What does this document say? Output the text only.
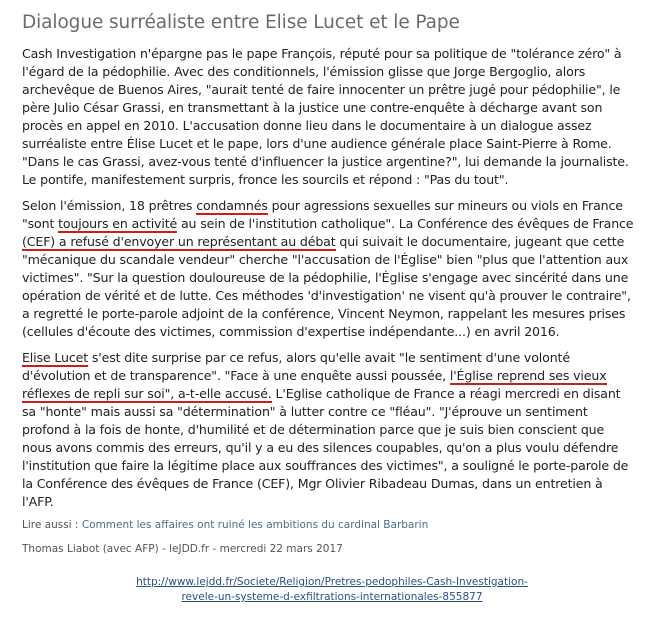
Dialogue surréaliste entre Elise Lucet et le Pape

Cash Investigation n'épargne pas le pape François, réputé pour sa politique de "tolérance zéro" à l'égard de la pédophilie. Avec des conditionnels, l'émission glisse que Jorge Bergoglio, alors archevêque de Buenos Aires, "aurait tenté de faire innocenter un prêtre jugé pour pédophilie", le père Julio César Grassi, en transmettant à la justice une contre-enquête à décharge avant son procès en appel en 2010. L'accusation donne lieu dans le documentaire à un dialogue assez surréaliste entre Élise Lucet et le pape, lors d'une audience générale place Saint-Pierre à Rome. "Dans le cas Grassi, avez-vous tenté d'influencer la justice argentine?", lui demande la journaliste. Le pontife, manifestement surpris, fronce les sourcils et répond : "Pas du tout".

Selon l'émission, 18 prêtres condamnés pour agressions sexuelles sur mineurs ou viols en France "sont toujours en activité au sein de l'institution catholique". La Conférence des évêques de France (CEF) a refusé d'envoyer un représentant au débat qui suivait le documentaire, jugeant que cette "mécanique du scandale vendeur" cherche "l'accusation de l'Église" bien "plus que l'attention aux victimes". "Sur la question douloureuse de la pédophilie, l'Église s'engage avec sincérité dans une opération de vérité et de lutte. Ces méthodes 'd'investigation' ne visent qu'à prouver le contraire", a regretté le porte-parole adjoint de la conférence, Vincent Neymon, rappelant les mesures prises (cellules d'écoute des victimes, commission d'expertise indépendante...) en avril 2016.

Elise Lucet s'est dite surprise par ce refus, alors qu'elle avait "le sentiment d'une volonté d'évolution et de transparence". "Face à une enquête aussi poussée, l'Église reprend ses vieux réflexes de repli sur soi", a-t-elle accusé. L'Eglise catholique de France a réagi mercredi en disant sa "honte" mais aussi sa "détermination" à lutter contre ce "fléau". "J'éprouve un sentiment profond à la fois de honte, d'humilité et de détermination parce que je suis bien conscient que nous avons commis des erreurs, qu'il y a eu des silences coupables, qu'on a plus voulu défendre l'institution que faire la légitime place aux souffrances des victimes", a souligné le porte-parole de la Conférence des évêques de France (CEF), Mgr Olivier Ribadeau Dumas, dans un entretien à l'AFP.

Lire aussi : Comment les affaires ont ruiné les ambitions du cardinal Barbarin
Thomas Liabot (avec AFP) - leJDD.fr - mercredi 22 mars 2017
http://www.lejdd.fr/Societe/Religion/Pretres-pedophiles-Cash-Investigation-
revele-un-systeme-d-exfiltrations-internationales-855877
